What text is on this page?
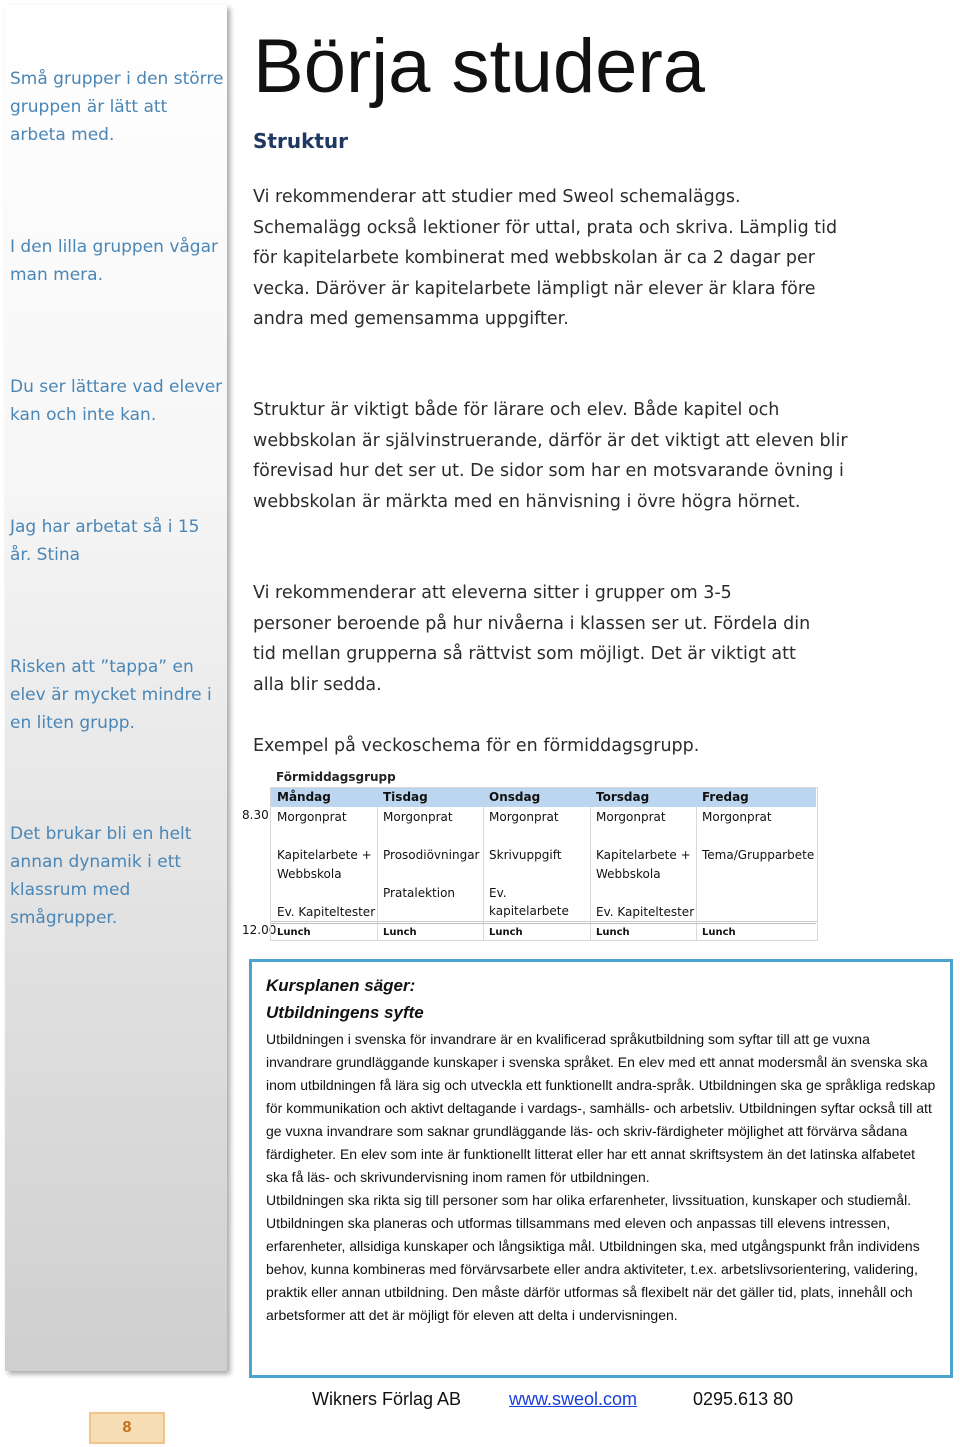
Små grupper i den större gruppen är lätt att arbeta med.
I den lilla gruppen vågar man mera.
Du ser lättare vad elever kan och inte kan.
Jag har arbetat så i 15 år. Stina
Risken att ”tappa” en elev är mycket mindre i en liten grupp.
Det brukar bli en helt annan dynamik i ett klassrum med smågrupper.
Börja studera
Struktur

Vi rekommenderar att studier med Sweol schemaläggs. Schemalägg också lektioner för uttal, prata och skriva. Lämplig tid för kapitelarbete kombinerat med webbskolan är ca 2 dagar per vecka. Däröver är kapitelarbete lämpligt när elever är klara före andra med gemensamma uppgifter.

Struktur är viktigt både för lärare och elev. Både kapitel och webbskolan är självinstruerande, därför är det viktigt att eleven blir förevisad hur det ser ut. De sidor som har en motsvarande övning i webbskolan är märkta med en hänvisning i övre högra hörnet.

Vi rekommenderar att eleverna sitter i grupper om 3-5 personer beroende på hur nivåerna i klassen ser ut. Fördela din tid mellan grupperna så rättvist som möjligt. Det är viktigt att alla blir sedda.

Exempel på veckoschema för en förmiddagsgrupp.

Förmiddagsgrupp
8.30
12.00
Måndag
Morgonprat
Kapitelarbete +
Webbskola
Ev. Kapiteltester
Lunch
Tisdag
Morgonprat
Prosodiövningar
Pratalektion
Lunch
Onsdag
Morgonprat
Skrivuppgift
Ev. kapitelarbete
Lunch
Torsdag
Morgonprat
Kapitelarbete +
Webbskola
Ev. Kapiteltester
Lunch
Fredag
Morgonprat
Tema/Grupparbete
Lunch

Kursplanen säger:

Utbildningens syfte

Utbildningen i svenska för invandrare är en kvalificerad språkutbildning som syftar till att ge vuxna invandrare grundläggande kunskaper i svenska språket. En elev med ett annat modersmål än svenska ska inom utbildningen få lära sig och utveckla ett funktionellt andra-språk. Utbildningen ska ge språkliga redskap för kommunikation och aktivt deltagande i vardags-, samhälls- och arbetsliv. Utbildningen syftar också till att ge vuxna invandrare som saknar grundläggande läs- och skriv-färdigheter möjlighet att förvärva sådana färdigheter. En elev som inte är funktionellt litterat eller har ett annat skriftsystem än det latinska alfabetet ska få läs- och skrivundervisning inom ramen för utbildningen.

Utbildningen ska rikta sig till personer som har olika erfarenheter, livssituation, kunskaper och studiemål. Utbildningen ska planeras och utformas tillsammans med eleven och anpassas till elevens intressen, erfarenheter, allsidiga kunskaper och långsiktiga mål. Utbildningen ska, med utgångspunkt från individens behov, kunna kombineras med förvärvsarbete eller andra aktiviteter, t.ex. arbetslivsorientering, validering, praktik eller annan utbildning. Den måste därför utformas så flexibelt när det gäller tid, plats, innehåll och arbetsformer att det är möjligt för eleven att delta i undervisningen.

Wikners Förlag AB	www.sweol.com	0295.613 80
8
